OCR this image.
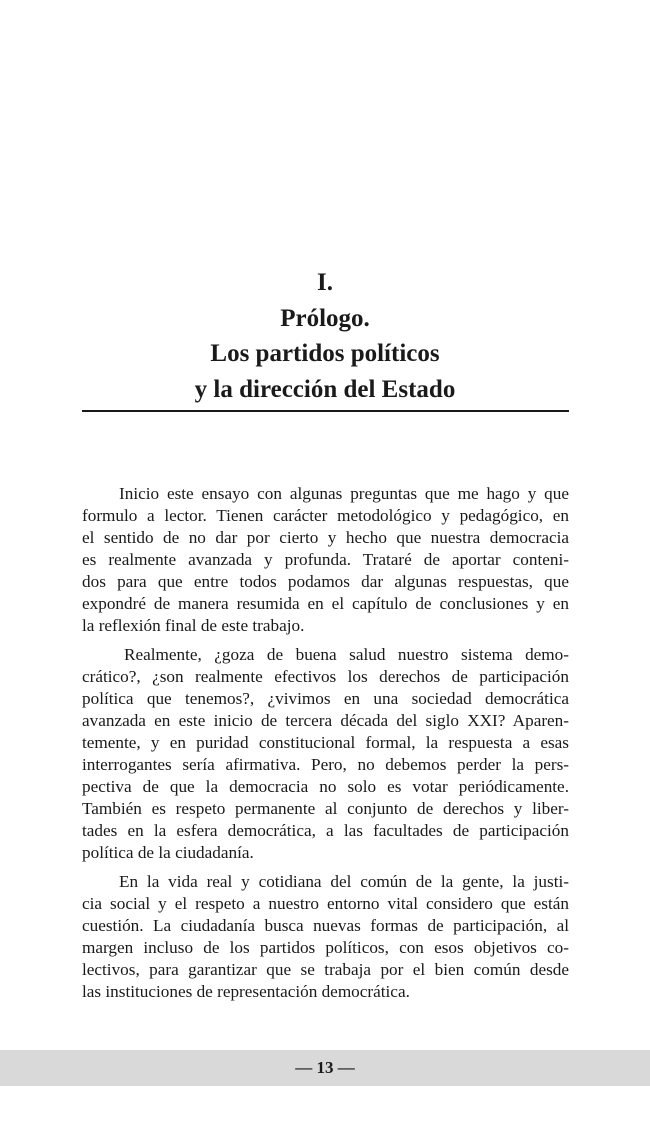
I.
Prólogo.
Los partidos políticos
y la dirección del Estado

Inicio este ensayo con algunas preguntas que me hago y que
formulo a lector. Tienen carácter metodológico y pedagógico, en
el sentido de no dar por cierto y hecho que nuestra democracia
es realmente avanzada y profunda. Trataré de aportar conteni-
dos para que entre todos podamos dar algunas respuestas, que
expondré de manera resumida en el capítulo de conclusiones y en
la reflexión final de este trabajo.

Realmente, ¿goza de buena salud nuestro sistema demo-
crático?, ¿son realmente efectivos los derechos de participación
política que tenemos?, ¿vivimos en una sociedad democrática
avanzada en este inicio de tercera década del siglo XXI? Aparen-
temente, y en puridad constitucional formal, la respuesta a esas
interrogantes sería afirmativa. Pero, no debemos perder la pers-
pectiva de que la democracia no solo es votar periódicamente.
También es respeto permanente al conjunto de derechos y liber-
tades en la esfera democrática, a las facultades de participación
política de la ciudadanía.

En la vida real y cotidiana del común de la gente, la justi-
cia social y el respeto a nuestro entorno vital considero que están
cuestión. La ciudadanía busca nuevas formas de participación, al
margen incluso de los partidos políticos, con esos objetivos co-
lectivos, para garantizar que se trabaja por el bien común desde
las instituciones de representación democrática.

— 13 —
